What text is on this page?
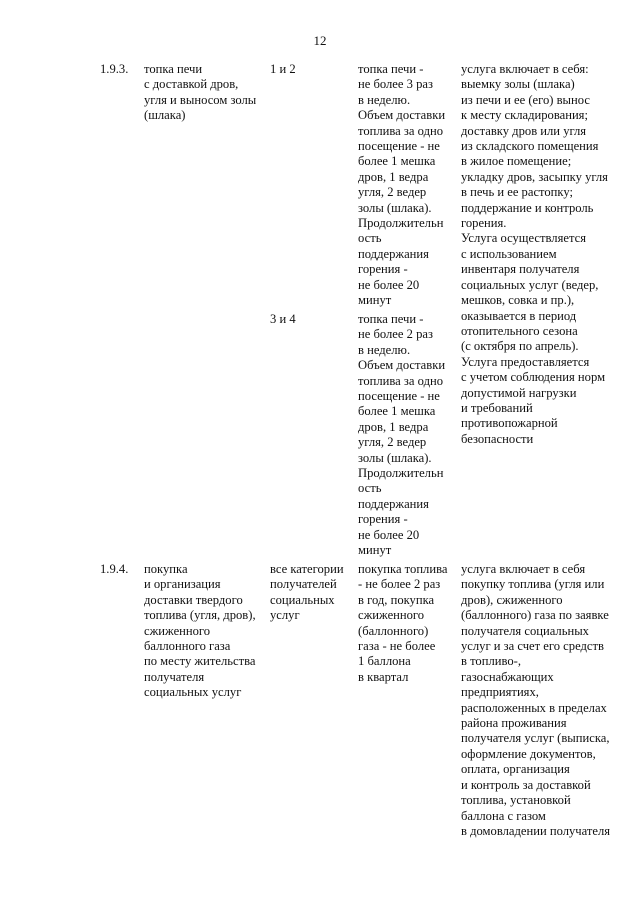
12
1.9.3. топка печи
с доставкой дров,
угля и выносом золы
(шлака)
1 и 2	топка печи -
не более 3 раз
в неделю.
Объем доставки
топлива за одно
посещение - не
более 1 мешка
дров, 1 ведра
угля, 2 ведер
золы (шлака).
Продолжительн
ость
поддержания
горения -
не более 20
минут
услуга включает в себя:
выемку золы (шлака)
из печи и ее (его) вынос
к месту складирования;
доставку дров или угля
из складского помещения
в жилое помещение;
укладку дров, засыпку угля
в печь и ее растопку;
поддержание и контроль
горения.
Услуга осуществляется
с использованием
инвентаря получателя
социальных услуг (ведер,
мешков, совка и пр.),
оказывается в период
отопительного сезона
(с октября по апрель).
Услуга предоставляется
с учетом соблюдения норм
допустимой нагрузки
и требований
противопожарной
безопасности
3 и 4	топка печи -
не более 2 раз
в неделю.
Объем доставки
топлива за одно
посещение - не
более 1 мешка
дров, 1 ведра
угля, 2 ведер
золы (шлака).
Продолжительн
ость
поддержания
горения -
не более 20
минут
1.9.4. покупка
и организация
доставки твердого
топлива (угля, дров),
сжиженного
баллонного газа
по месту жительства
получателя
социальных услуг
все категории
получателей
социальных
услуг
покупка топлива
- не более 2 раз
в год, покупка
сжиженного
(баллонного)
газа - не более
1 баллона
в квартал
услуга включает в себя
покупку топлива (угля или
дров), сжиженного
(баллонного) газа по заявке
получателя социальных
услуг и за счет его средств
в топливо-,
газоснабжающих
предприятиях,
расположенных в пределах
района проживания
получателя услуг (выписка,
оформление документов,
оплата, организация
и контроль за доставкой
топлива, установкой
баллона с газом
в домовладении получателя
